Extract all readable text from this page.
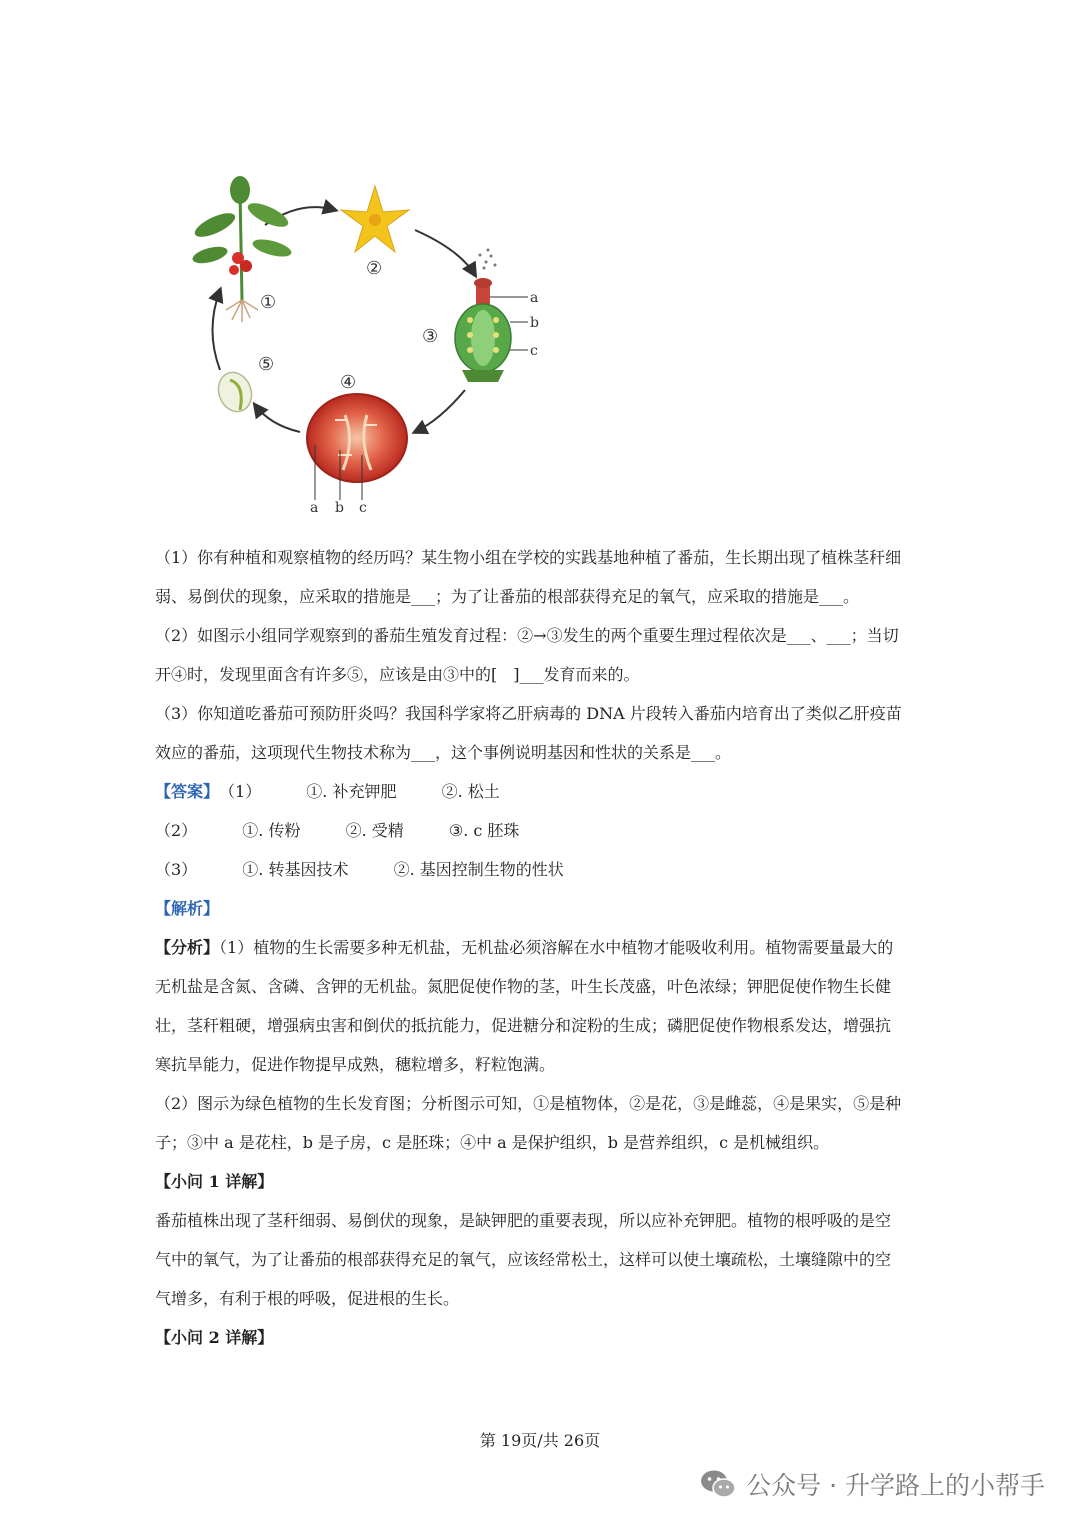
①
②
③
④
⑤
a
b
c
a b c
（1）你有种植和观察植物的经历吗？某生物小组在学校的实践基地种植了番茄，生长期出现了植株茎秆细
弱、易倒伏的现象，应采取的措施是___；为了让番茄的根部获得充足的氧气，应采取的措施是___。
（2）如图示小组同学观察到的番茄生殖发育过程：②→③发生的两个重要生理过程依次是___、___；当切
开④时，发现里面含有许多⑤，应该是由③中的[　]___发育而来的。
（3）你知道吃番茄可预防肝炎吗？我国科学家将乙肝病毒的 DNA 片段转入番茄内培育出了类似乙肝疫苗
效应的番茄，这项现代生物技术称为___，这个事例说明基因和性状的关系是___。
【答案】（1）	①. 补充钾肥	②. 松土
（2）	①. 传粉	②. 受精	③. c 胚珠
（3）	①. 转基因技术	②. 基因控制生物的性状
【解析】
【分析】（1）植物的生长需要多种无机盐，无机盐必须溶解在水中植物才能吸收利用。植物需要量最大的
无机盐是含氮、含磷、含钾的无机盐。氮肥促使作物的茎，叶生长茂盛，叶色浓绿；钾肥促使作物生长健
壮，茎秆粗硬，增强病虫害和倒伏的抵抗能力，促进糖分和淀粉的生成；磷肥促使作物根系发达，增强抗
寒抗旱能力，促进作物提早成熟，穗粒增多，籽粒饱满。
（2）图示为绿色植物的生长发育图；分析图示可知，①是植物体，②是花，③是雌蕊，④是果实，⑤是种
子；③中 a 是花柱，b 是子房，c 是胚珠；④中 a 是保护组织，b 是营养组织，c 是机械组织。
【小问 1 详解】
番茄植株出现了茎秆细弱、易倒伏的现象，是缺钾肥的重要表现，所以应补充钾肥。植物的根呼吸的是空
气中的氧气，为了让番茄的根部获得充足的氧气，应该经常松土，这样可以使土壤疏松，土壤缝隙中的空
气增多，有利于根的呼吸，促进根的生长。
【小问 2 详解】
第 19页/共 26页
公众号 · 升学路上的小帮手
